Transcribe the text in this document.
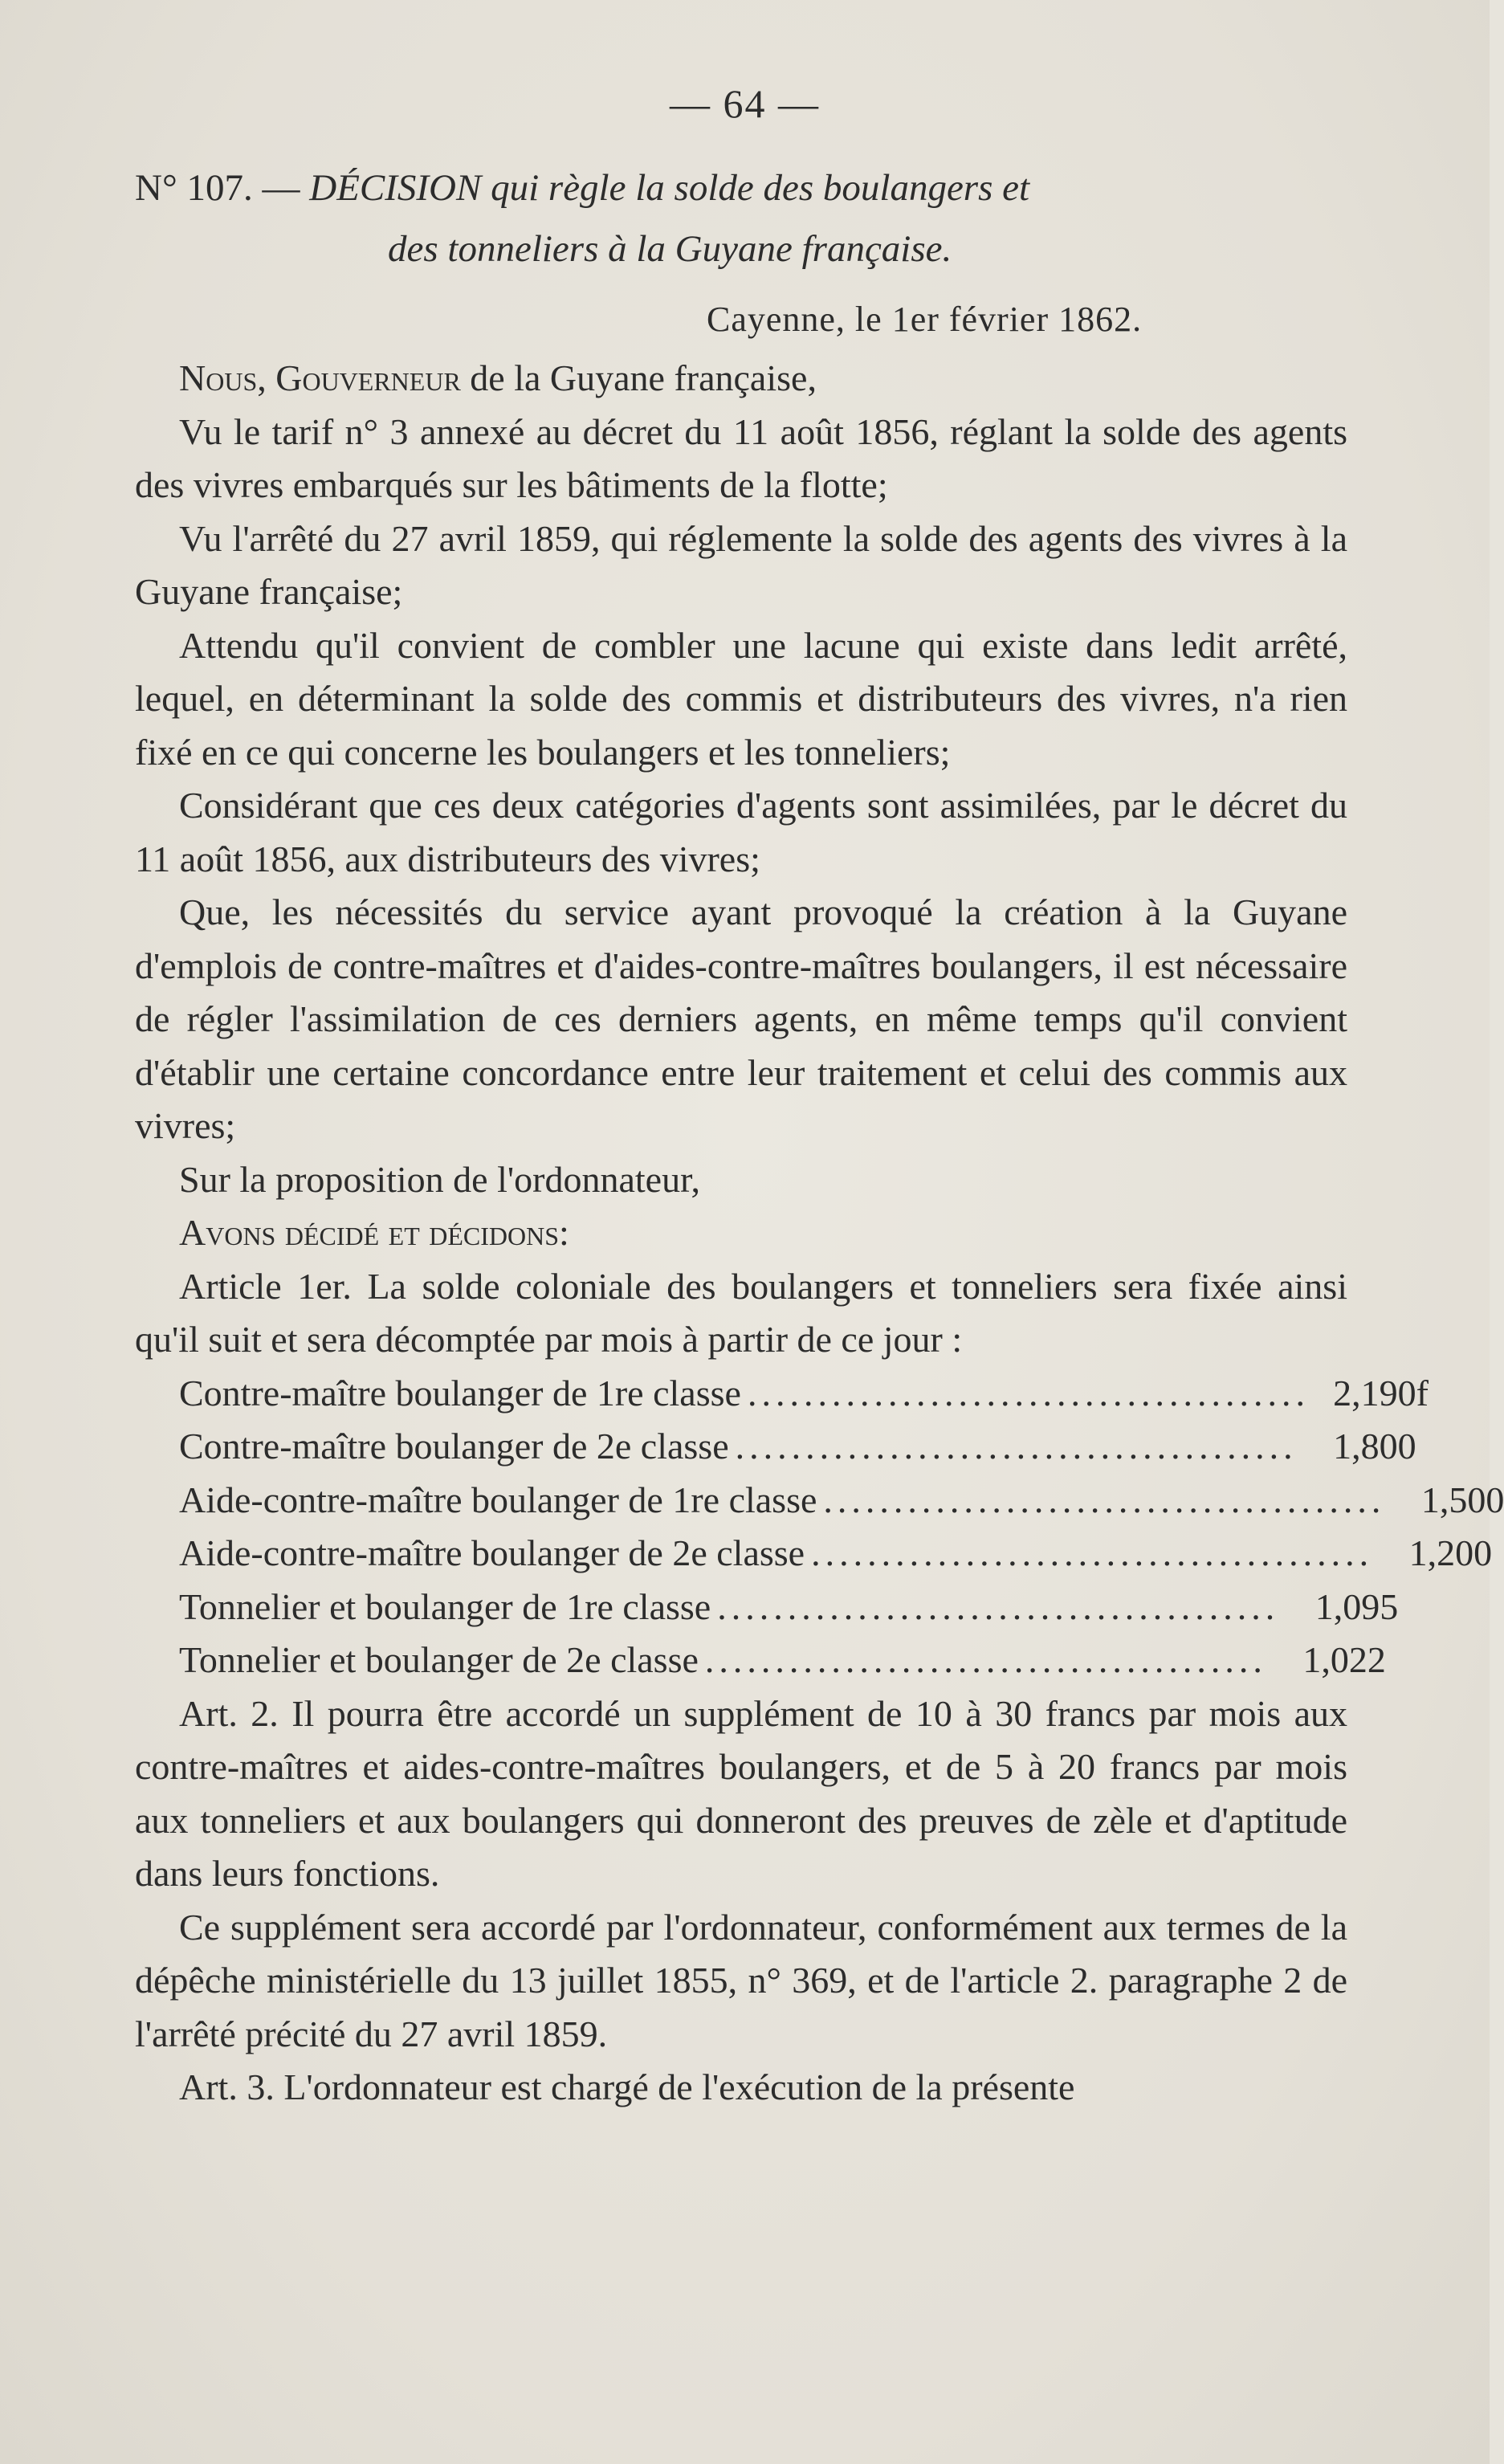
— 64 —
N° 107. — DÉCISION qui règle la solde des boulangers et
des tonneliers à la Guyane française.
Cayenne, le 1er février 1862.

Nous, Gouverneur de la Guyane française,

Vu le tarif n° 3 annexé au décret du 11 août 1856, réglant la solde des agents des vivres embarqués sur les bâtiments de la flotte;

Vu l'arrêté du 27 avril 1859, qui réglemente la solde des agents des vivres à la Guyane française;

Attendu qu'il convient de combler une lacune qui existe dans ledit arrêté, lequel, en déterminant la solde des commis et distributeurs des vivres, n'a rien fixé en ce qui concerne les boulangers et les tonneliers;

Considérant que ces deux catégories d'agents sont assimilées, par le décret du 11 août 1856, aux distributeurs des vivres;

Que, les nécessités du service ayant provoqué la création à la Guyane d'emplois de contre-maîtres et d'aides-contre-maîtres boulangers, il est nécessaire de régler l'assimilation de ces derniers agents, en même temps qu'il convient d'établir une certaine concordance entre leur traitement et celui des commis aux vivres;

Sur la proposition de l'ordonnateur,

Avons décidé et décidons:

Article 1er. La solde coloniale des boulangers et tonneliers sera fixée ainsi qu'il suit et sera décomptée par mois à partir de ce jour :

Contre-maître boulanger de 1re classe ........................................ 2,190f
Contre-maître boulanger de 2e classe ........................................ 1,800
Aide-contre-maître boulanger de 1re classe ........................................ 1,500
Aide-contre-maître boulanger de 2e classe ........................................ 1,200
Tonnelier et boulanger de 1re classe ........................................ 1,095
Tonnelier et boulanger de 2e classe ........................................ 1,022

Art. 2. Il pourra être accordé un supplément de 10 à 30 francs par mois aux contre-maîtres et aides-contre-maîtres boulangers, et de 5 à 20 francs par mois aux tonneliers et aux boulangers qui donneront des preuves de zèle et d'aptitude dans leurs fonctions.

Ce supplément sera accordé par l'ordonnateur, conformément aux termes de la dépêche ministérielle du 13 juillet 1855, n° 369, et de l'article 2. paragraphe 2 de l'arrêté précité du 27 avril 1859.

Art. 3. L'ordonnateur est chargé de l'exécution de la présente
